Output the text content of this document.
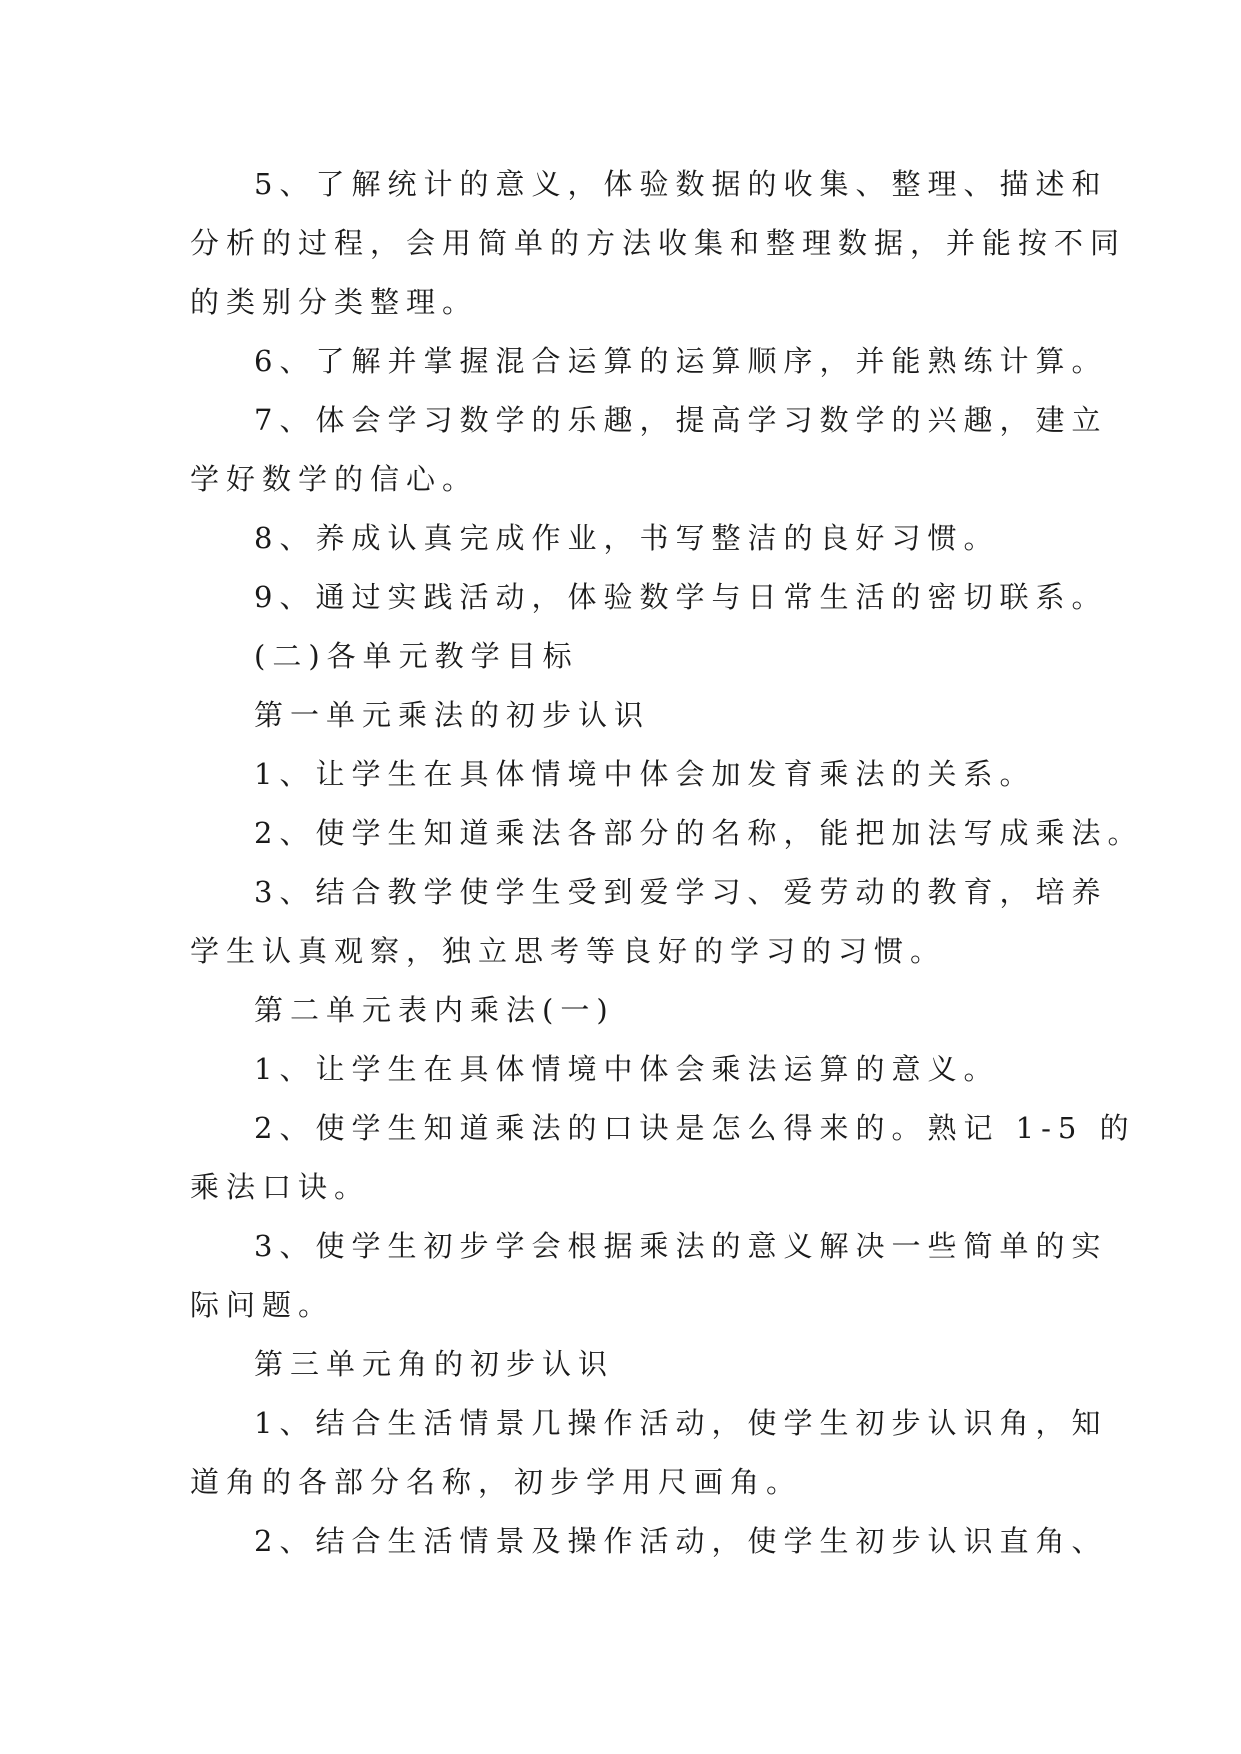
5、了解统计的意义，体验数据的收集、整理、描述和
分析的过程，会用简单的方法收集和整理数据，并能按不同
的类别分类整理。
6、了解并掌握混合运算的运算顺序，并能熟练计算。
7、体会学习数学的乐趣，提高学习数学的兴趣，建立
学好数学的信心。
8、养成认真完成作业，书写整洁的良好习惯。
9、通过实践活动，体验数学与日常生活的密切联系。
(二)各单元教学目标
第一单元乘法的初步认识
1、让学生在具体情境中体会加发育乘法的关系。
2、使学生知道乘法各部分的名称，能把加法写成乘法。
3、结合教学使学生受到爱学习、爱劳动的教育，培养
学生认真观察，独立思考等良好的学习的习惯。
第二单元表内乘法(一)
1、让学生在具体情境中体会乘法运算的意义。
2、使学生知道乘法的口诀是怎么得来的。熟记 1-5 的
乘法口诀。
3、使学生初步学会根据乘法的意义解决一些简单的实
际问题。
第三单元角的初步认识
1、结合生活情景几操作活动，使学生初步认识角，知
道角的各部分名称，初步学用尺画角。
2、结合生活情景及操作活动，使学生初步认识直角、
